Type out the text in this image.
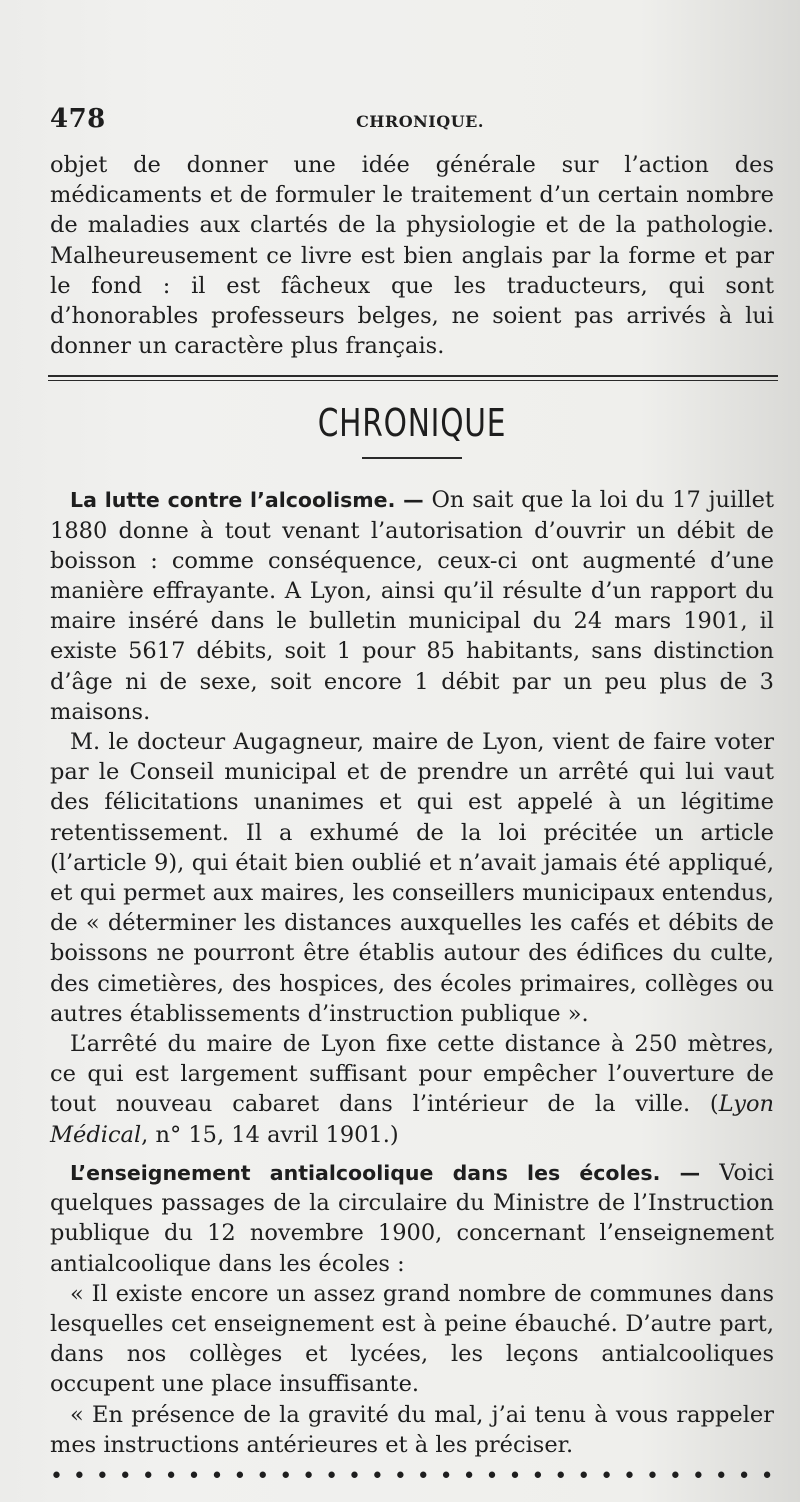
478	CHRONIQUE.

objet de donner une idée générale sur l’action des médicaments et de formuler le traitement d’un certain nombre de maladies aux clartés de la physiologie et de la pathologie. Malheureusement ce livre est bien anglais par la forme et par le fond : il est fâcheux que les traducteurs, qui sont d’honorables professeurs belges, ne soient pas arrivés à lui donner un caractère plus français.

CHRONIQUE

La lutte contre l’alcoolisme. — On sait que la loi du 17 juillet 1880 donne à tout venant l’autorisation d’ouvrir un débit de boisson : comme conséquence, ceux-ci ont augmenté d’une manière effrayante. A Lyon, ainsi qu’il résulte d’un rapport du maire inséré dans le bulletin municipal du 24 mars 1901, il existe 5617 débits, soit 1 pour 85 habitants, sans distinction d’âge ni de sexe, soit encore 1 débit par un peu plus de 3 maisons.

M. le docteur Augagneur, maire de Lyon, vient de faire voter par le Conseil municipal et de prendre un arrêté qui lui vaut des félicitations unanimes et qui est appelé à un légitime retentissement. Il a exhumé de la loi précitée un article (l’article 9), qui était bien oublié et n’avait jamais été appliqué, et qui permet aux maires, les conseillers municipaux entendus, de « déterminer les distances auxquelles les cafés et débits de boissons ne pourront être établis autour des édifices du culte, des cimetières, des hospices, des écoles primaires, collèges ou autres établissements d’instruction publique ».

L’arrêté du maire de Lyon fixe cette distance à 250 mètres, ce qui est largement suffisant pour empêcher l’ouverture de tout nouveau cabaret dans l’intérieur de la ville. (Lyon Médical, n° 15, 14 avril 1901.)

L’enseignement antialcoolique dans les écoles. — Voici quelques passages de la circulaire du Ministre de l’Instruction publique du 12 novembre 1900, concernant l’enseignement antialcoolique dans les écoles :

« Il existe encore un assez grand nombre de communes dans lesquelles cet enseignement est à peine ébauché. D’autre part, dans nos collèges et lycées, les leçons antialcooliques occupent une place insuffisante.

« En présence de la gravité du mal, j’ai tenu à vous rappeler mes instructions antérieures et à les préciser.

• • • • • • • • • • • • • • • • • • • • • • • • • • • • • • • •
